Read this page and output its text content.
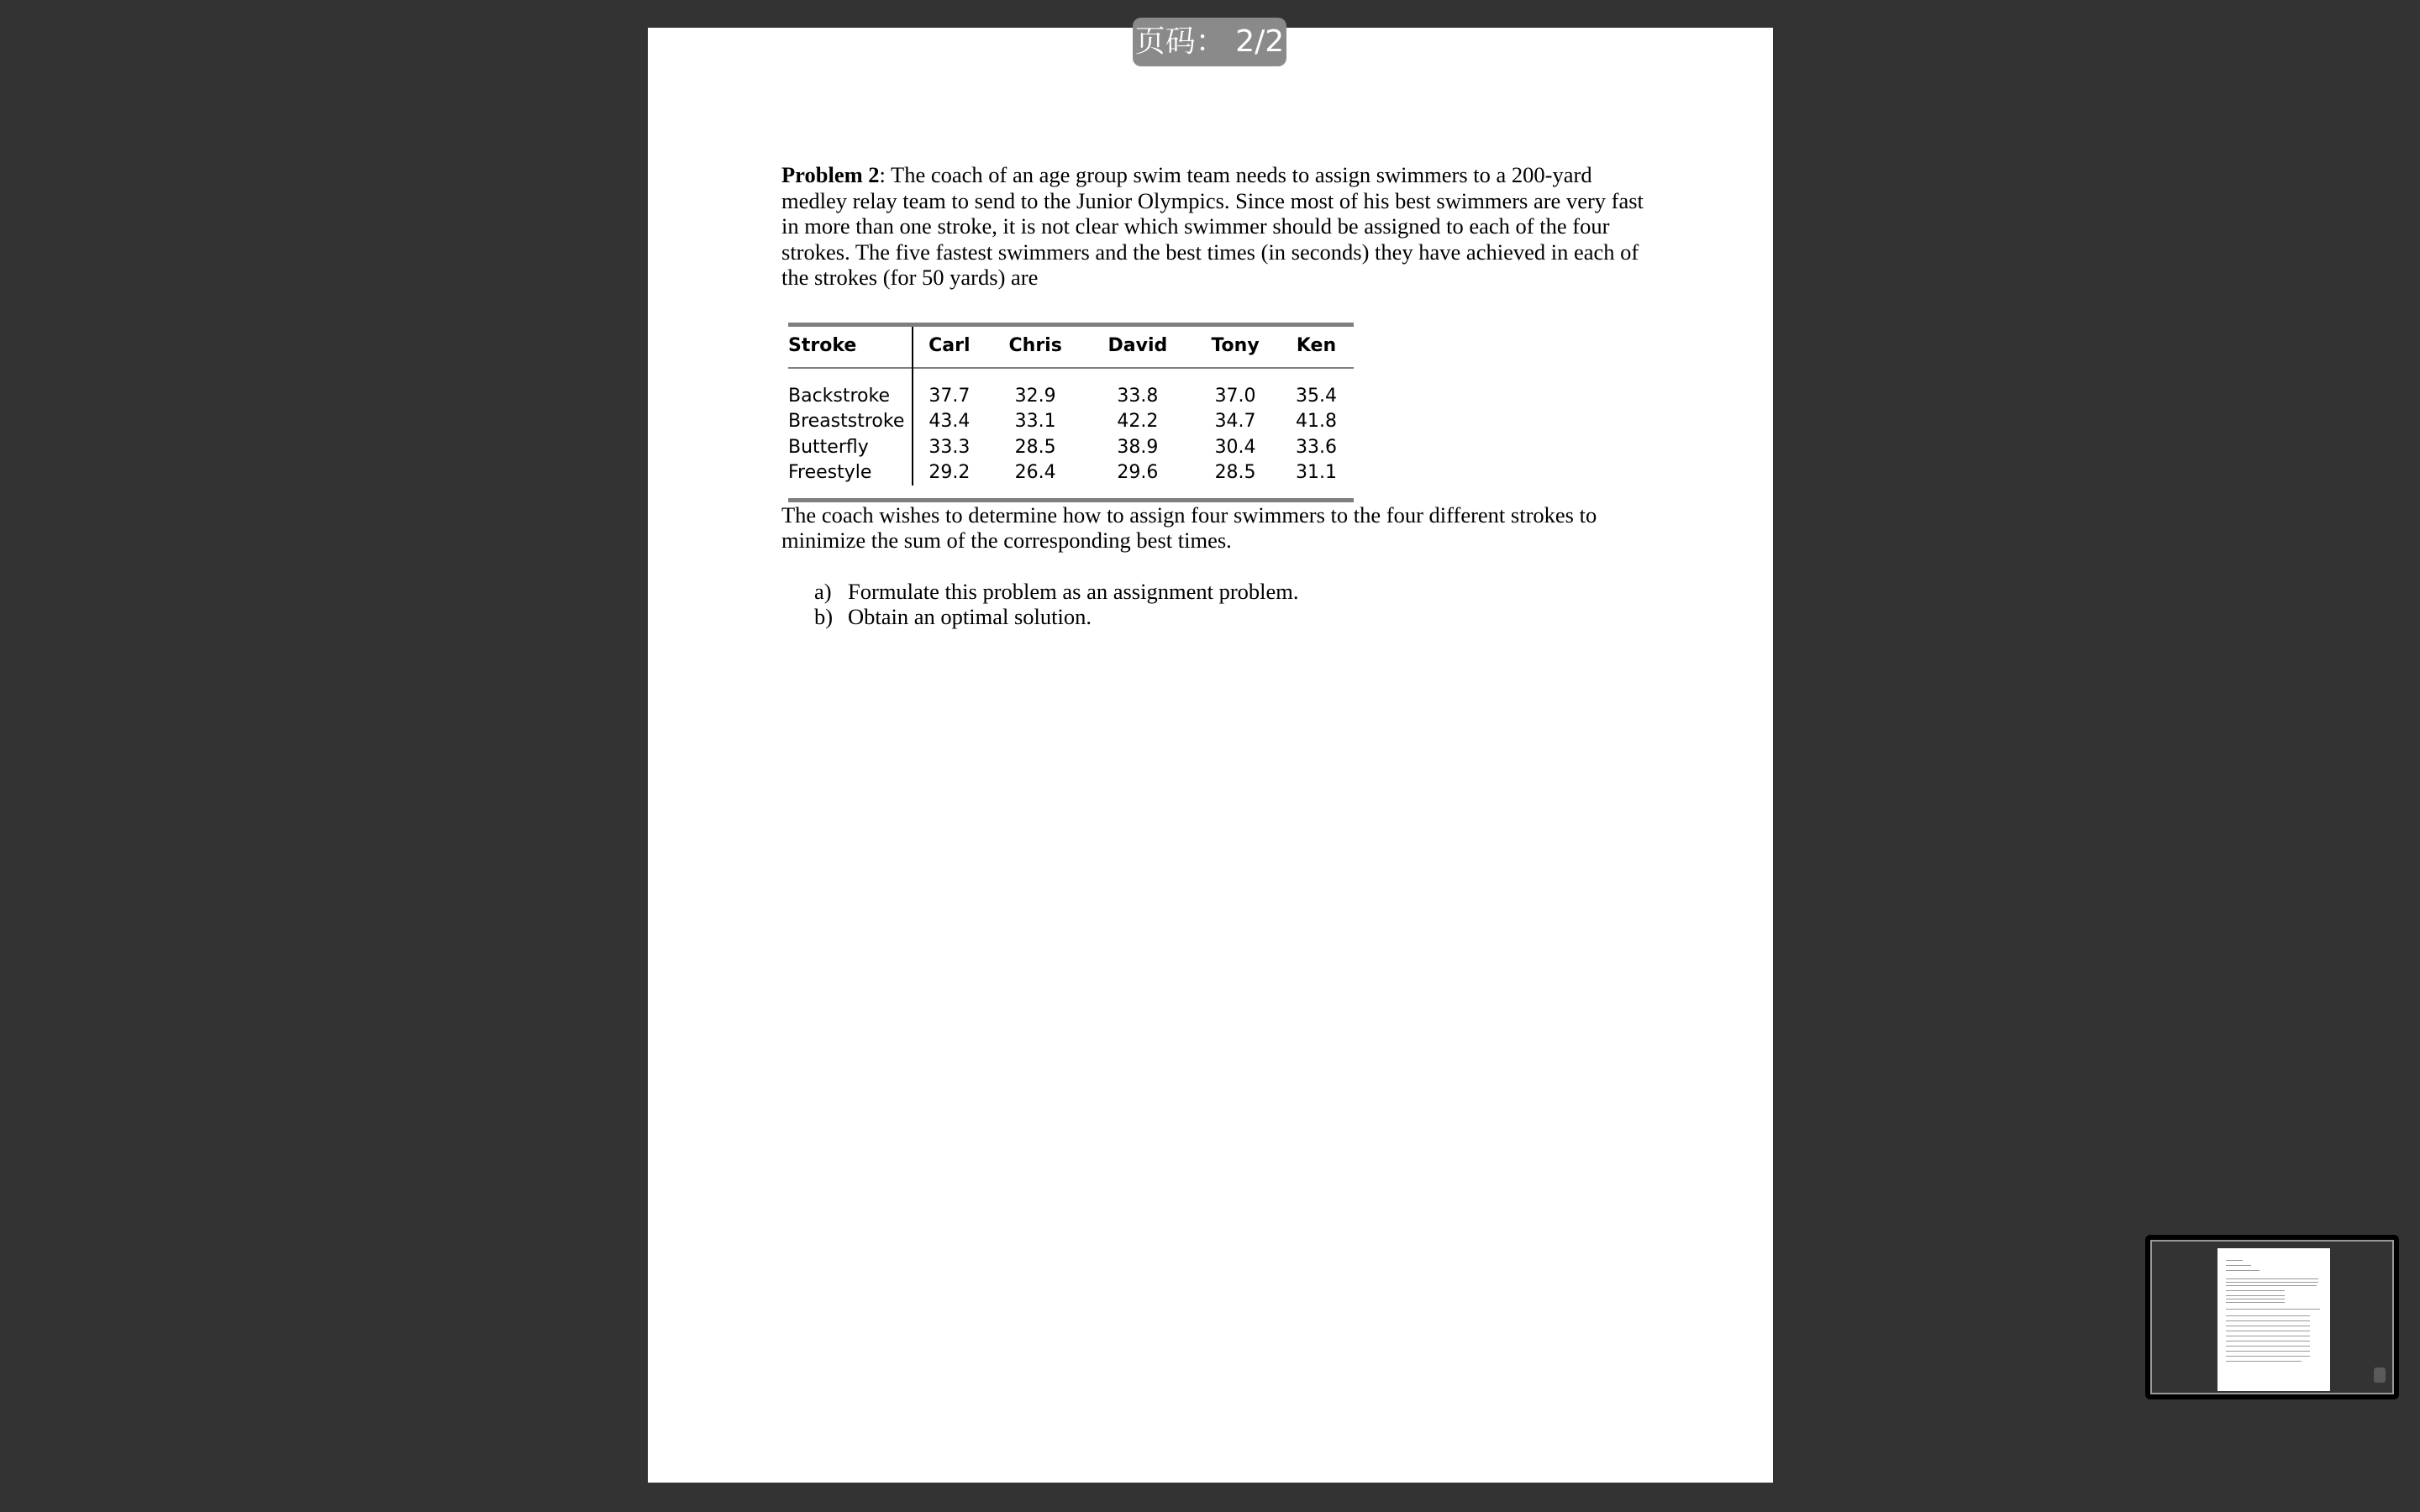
页码： 2/2

Problem 2: The coach of an age group swim team needs to assign swimmers to a 200-yard medley relay team to send to the Junior Olympics. Since most of his best swimmers are very fast in more than one stroke, it is not clear which swimmer should be assigned to each of the four strokes. The five fastest swimmers and the best times (in seconds) they have achieved in each of the strokes (for 50 yards) are

Stroke	Carl	Chris	David	Tony	Ken
Backstroke	37.7	32.9	33.8	37.0	35.4
Breaststroke	43.4	33.1	42.2	34.7	41.8
Butterfly	33.3	28.5	38.9	30.4	33.6
Freestyle	29.2	26.4	29.6	28.5	31.1

The coach wishes to determine how to assign four swimmers to the four different strokes to minimize the sum of the corresponding best times.

a) Formulate this problem as an assignment problem.
b) Obtain an optimal solution.
